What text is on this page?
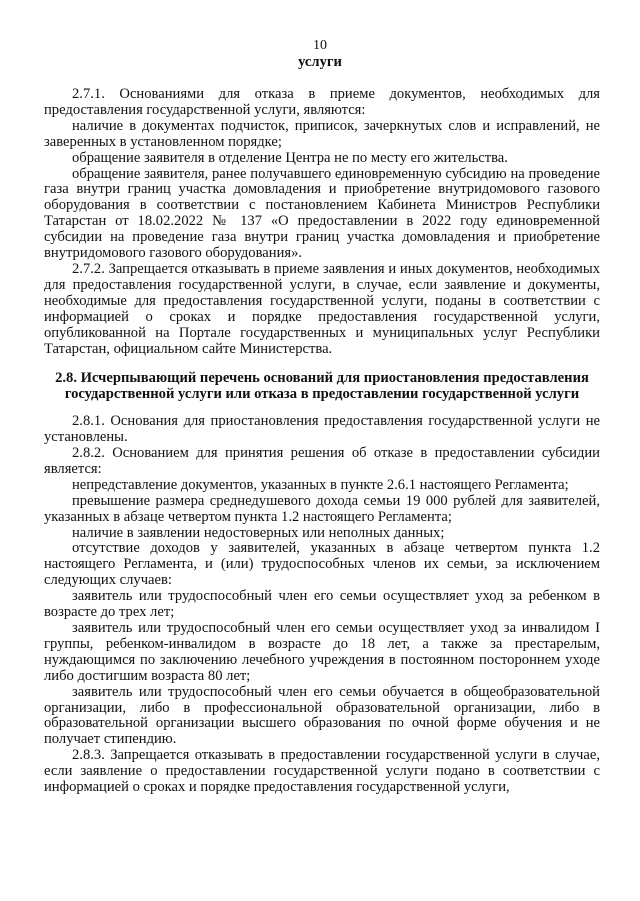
10
услуги

2.7.1. Основаниями для отказа в приеме документов, необходимых для предоставления государственной услуги, являются:

наличие в документах подчисток, приписок, зачеркнутых слов и исправлений, не заверенных в установленном порядке;

обращение заявителя в отделение Центра не по месту его жительства.

обращение заявителя, ранее получавшего единовременную субсидию на проведение газа внутри границ участка домовладения и приобретение внутридомового газового оборудования в соответствии с постановлением Кабинета Министров Республики Татарстан от 18.02.2022 № 137 «О предоставлении в 2022 году единовременной субсидии на проведение газа внутри границ участка домовладения и приобретение внутридомового газового оборудования».

2.7.2. Запрещается отказывать в приеме заявления и иных документов, необходимых для предоставления государственной услуги, в случае, если заявление и документы, необходимые для предоставления государственной услуги, поданы в соответствии с информацией о сроках и порядке предоставления государственной услуги, опубликованной на Портале государственных и муниципальных услуг Республики Татарстан, официальном сайте Министерства.

2.8. Исчерпывающий перечень оснований для приостановления предоставления государственной услуги или отказа в предоставлении государственной услуги

2.8.1. Основания для приостановления предоставления государственной услуги не установлены.

2.8.2. Основанием для принятия решения об отказе в предоставлении субсидии является:

непредставление документов, указанных в пункте 2.6.1 настоящего Регламента;

превышение размера среднедушевого дохода семьи 19 000 рублей для заявителей, указанных в абзаце четвертом пункта 1.2 настоящего Регламента;

наличие в заявлении недостоверных или неполных данных;

отсутствие доходов у заявителей, указанных в абзаце четвертом пункта 1.2 настоящего Регламента, и (или) трудоспособных членов их семьи, за исключением следующих случаев:

заявитель или трудоспособный член его семьи осуществляет уход за ребенком в возрасте до трех лет;

заявитель или трудоспособный член его семьи осуществляет уход за инвалидом I группы, ребенком-инвалидом в возрасте до 18 лет, а также за престарелым, нуждающимся по заключению лечебного учреждения в постоянном постороннем уходе либо достигшим возраста 80 лет;

заявитель или трудоспособный член его семьи обучается в общеобразовательной организации, либо в профессиональной образовательной организации, либо в образовательной организации высшего образования по очной форме обучения и не получает стипендию.

2.8.3. Запрещается отказывать в предоставлении государственной услуги в случае, если заявление о предоставлении государственной услуги подано в соответствии с информацией о сроках и порядке предоставления государственной услуги,
